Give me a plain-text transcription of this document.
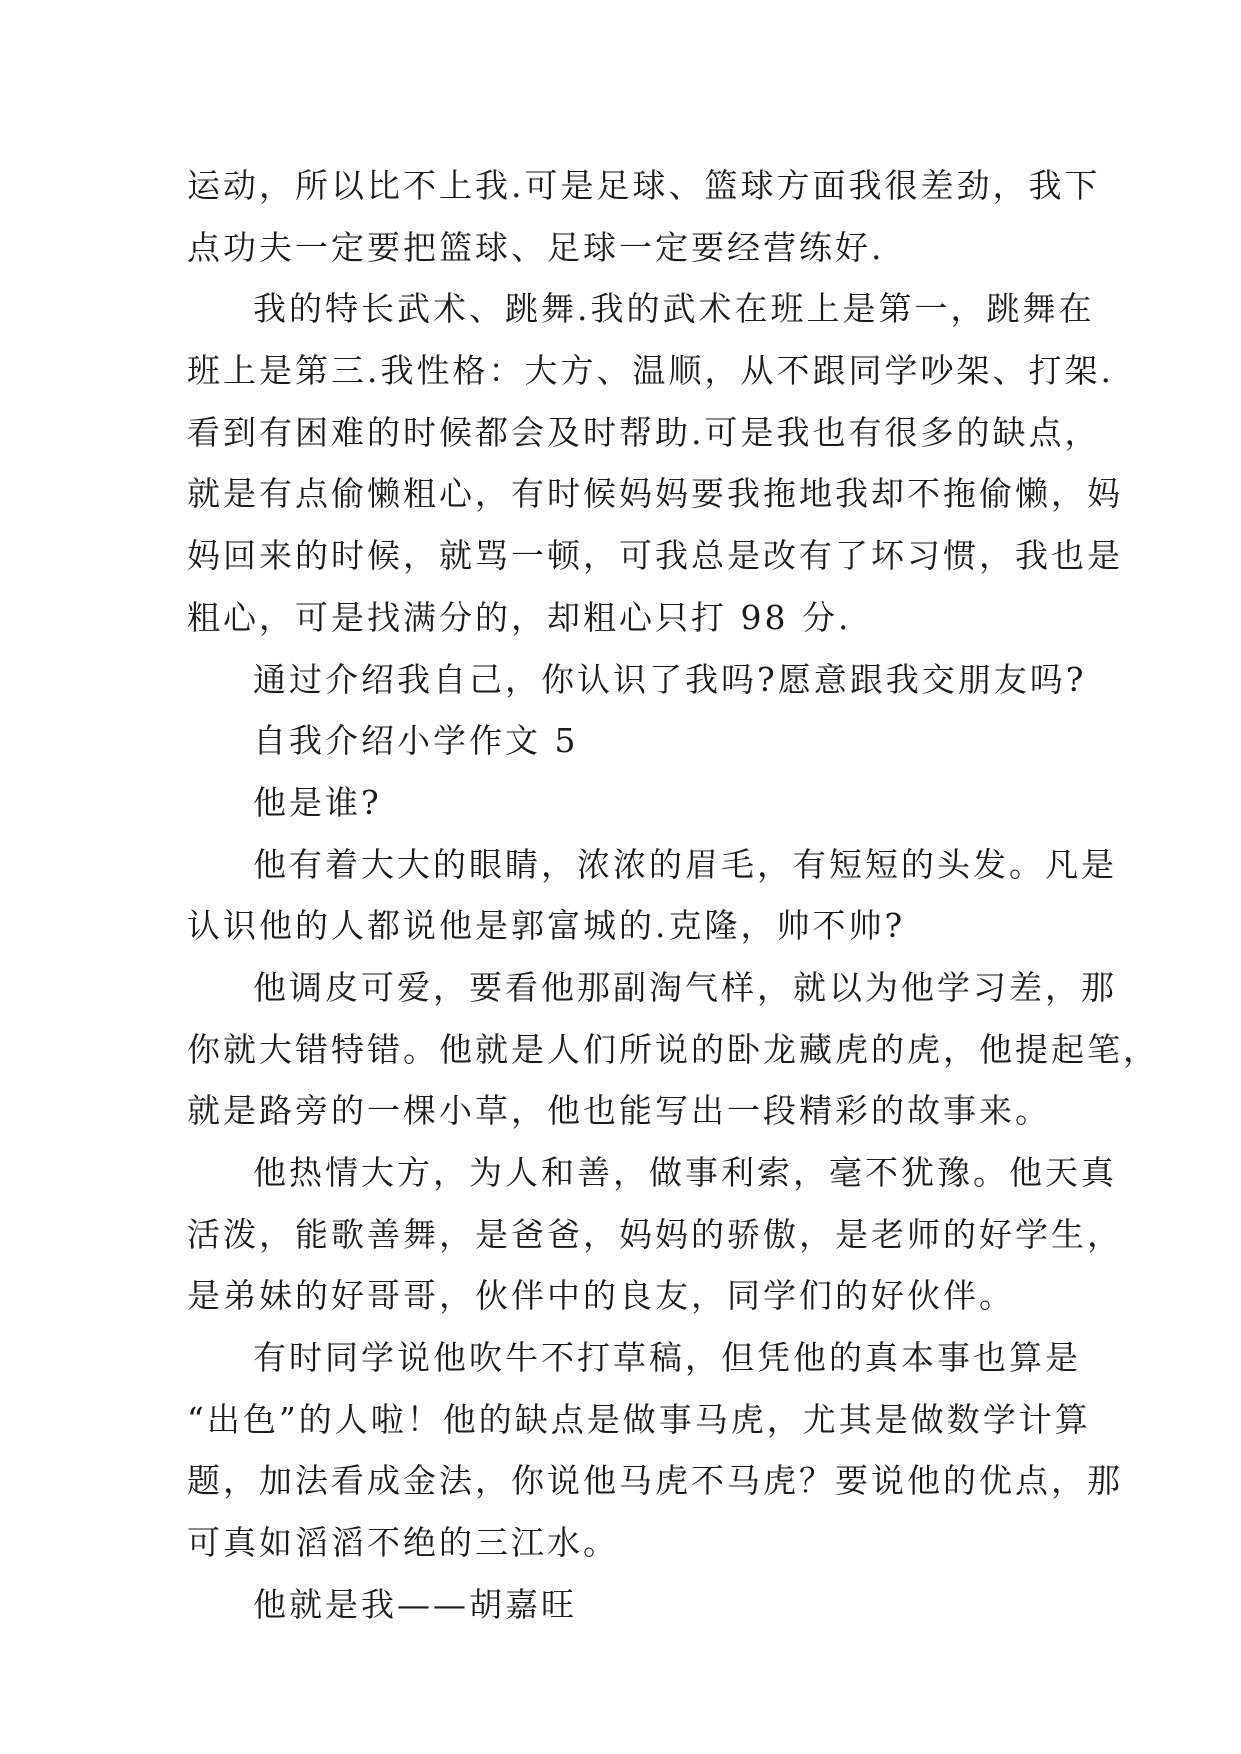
运动，所以比不上我.可是足球、篮球方面我很差劲，我下
点功夫一定要把篮球、足球一定要经营练好.
我的特长武术、跳舞.我的武术在班上是第一，跳舞在
班上是第三.我性格：大方、温顺，从不跟同学吵架、打架.
看到有困难的时候都会及时帮助.可是我也有很多的缺点，
就是有点偷懒粗心，有时候妈妈要我拖地我却不拖偷懒，妈
妈回来的时候，就骂一顿，可我总是改有了坏习惯，我也是
粗心，可是找满分的，却粗心只打 98 分.
通过介绍我自己，你认识了我吗?愿意跟我交朋友吗?
自我介绍小学作文 5
他是谁?
他有着大大的眼睛，浓浓的眉毛，有短短的头发。凡是
认识他的人都说他是郭富城的.克隆，帅不帅?
他调皮可爱，要看他那副淘气样，就以为他学习差，那
你就大错特错。他就是人们所说的卧龙藏虎的虎，他提起笔，
就是路旁的一棵小草，他也能写出一段精彩的故事来。
他热情大方，为人和善，做事利索，毫不犹豫。他天真
活泼，能歌善舞，是爸爸，妈妈的骄傲，是老师的好学生，
是弟妹的好哥哥，伙伴中的良友，同学们的好伙伴。
有时同学说他吹牛不打草稿，但凭他的真本事也算是
“出色”的人啦！他的缺点是做事马虎，尤其是做数学计算
题，加法看成金法，你说他马虎不马虎？要说他的优点，那
可真如滔滔不绝的三江水。
他就是我——胡嘉旺
